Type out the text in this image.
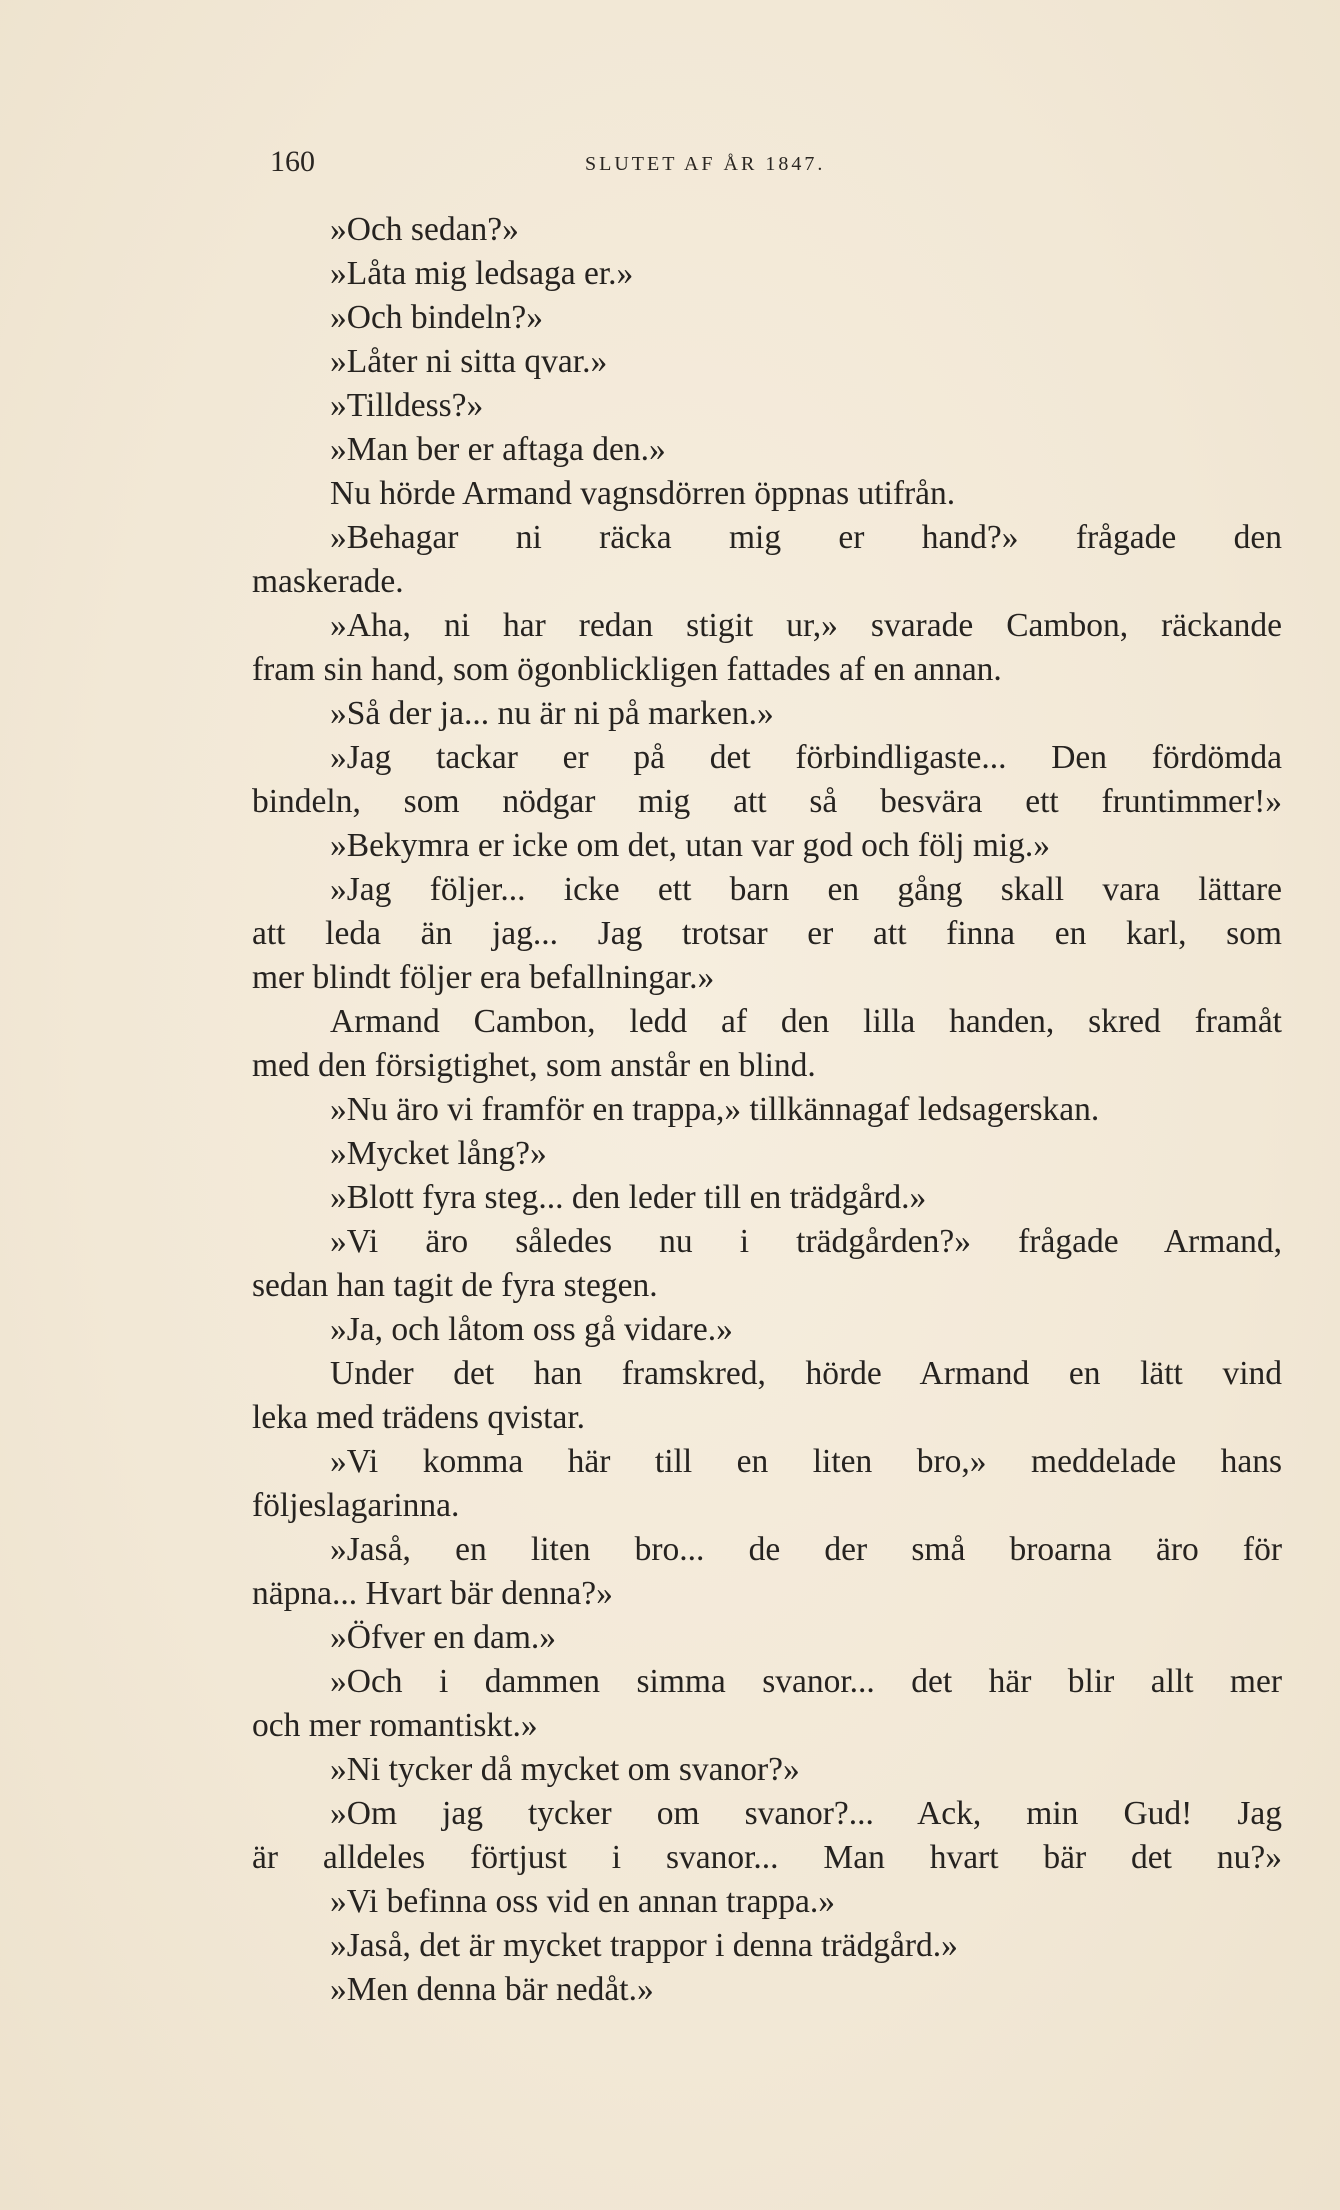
160	SLUTET AF ÅR 1847.
»Och sedan?»
»Låta mig ledsaga er.»
»Och bindeln?»
»Låter ni sitta qvar.»
»Tilldess?»
»Man ber er aftaga den.»
Nu hörde Armand vagnsdörren öppnas utifrån.
»Behagar ni räcka mig er hand?» frågade den
maskerade.
»Aha, ni har redan stigit ur,» svarade Cambon, räckande
fram sin hand, som ögonblickligen fattades af en annan.
»Så der ja... nu är ni på marken.»
»Jag tackar er på det förbindligaste... Den fördömda
bindeln, som nödgar mig att så besvära ett fruntimmer!»
»Bekymra er icke om det, utan var god och följ mig.»
»Jag följer... icke ett barn en gång skall vara lättare
att leda än jag... Jag trotsar er att finna en karl, som
mer blindt följer era befallningar.»
Armand Cambon, ledd af den lilla handen, skred framåt
med den försigtighet, som anstår en blind.
»Nu äro vi framför en trappa,» tillkännagaf ledsagerskan.
»Mycket lång?»
»Blott fyra steg... den leder till en trädgård.»
»Vi äro således nu i trädgården?» frågade Armand,
sedan han tagit de fyra stegen.
»Ja, och låtom oss gå vidare.»
Under det han framskred, hörde Armand en lätt vind
leka med trädens qvistar.
»Vi komma här till en liten bro,» meddelade hans
följeslagarinna.
»Jaså, en liten bro... de der små broarna äro för
näpna... Hvart bär denna?»
»Öfver en dam.»
»Och i dammen simma svanor... det här blir allt mer
och mer romantiskt.»
»Ni tycker då mycket om svanor?»
»Om jag tycker om svanor?... Ack, min Gud! Jag
är alldeles förtjust i svanor... Man hvart bär det nu?»
»Vi befinna oss vid en annan trappa.»
»Jaså, det är mycket trappor i denna trädgård.»
»Men denna bär nedåt.»
